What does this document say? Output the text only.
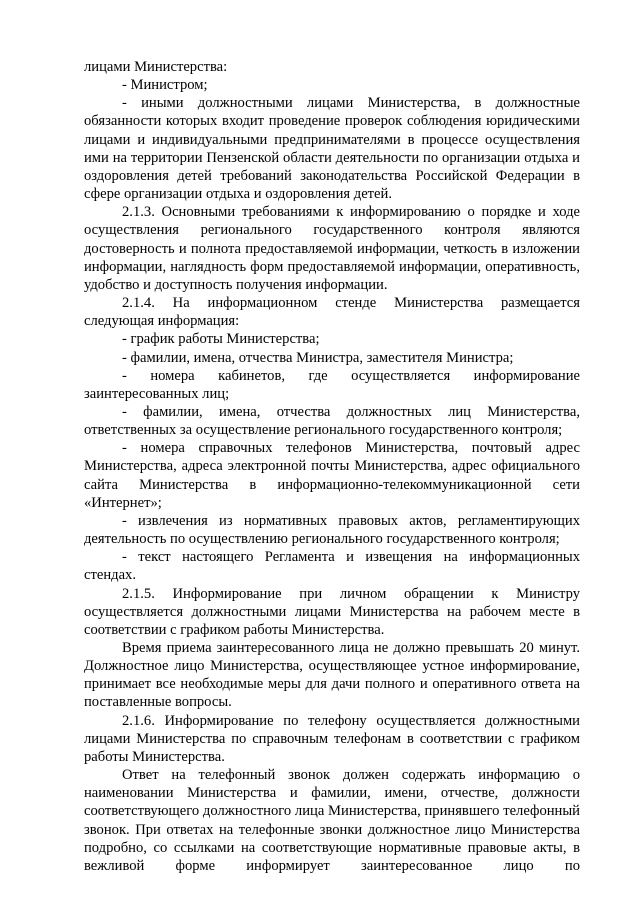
лицами Министерства:

- Министром;

- иными должностными лицами Министерства, в должностные обязанности которых входит проведение проверок соблюдения юридическими лицами и индивидуальными предпринимателями в процессе осуществления ими на территории Пензенской области деятельности по организации отдыха и оздоровления детей требований законодательства Российской Федерации в сфере организации отдыха и оздоровления детей.

2.1.3. Основными требованиями к информированию о порядке и ходе осуществления регионального государственного контроля являются достоверность и полнота предоставляемой информации, четкость в изложении информации, наглядность форм предоставляемой информации, оперативность, удобство и доступность получения информации.

2.1.4. На информационном стенде Министерства размещается следующая информация:

- график работы Министерства;

- фамилии, имена, отчества Министра, заместителя Министра;

- номера кабинетов, где осуществляется информирование заинтересованных лиц;

- фамилии, имена, отчества должностных лиц Министерства, ответственных за осуществление регионального государственного контроля;

- номера справочных телефонов Министерства, почтовый адрес Министерства, адреса электронной почты Министерства, адрес официального сайта Министерства в информационно-телекоммуникационной сети «Интернет»;

- извлечения из нормативных правовых актов, регламентирующих деятельность по осуществлению регионального государственного контроля;

- текст настоящего Регламента и извещения на информационных стендах.

2.1.5. Информирование при личном обращении к Министру осуществляется должностными лицами Министерства на рабочем месте в соответствии с графиком работы Министерства.

Время приема заинтересованного лица не должно превышать 20 минут. Должностное лицо Министерства, осуществляющее устное информирование, принимает все необходимые меры для дачи полного и оперативного ответа на поставленные вопросы.

2.1.6. Информирование по телефону осуществляется должностными лицами Министерства по справочным телефонам в соответствии с графиком работы Министерства.

Ответ на телефонный звонок должен содержать информацию о наименовании Министерства и фамилии, имени, отчестве, должности соответствующего должностного лица Министерства, принявшего телефонный звонок. При ответах на телефонные звонки должностное лицо Министерства подробно, со ссылками на соответствующие нормативные правовые акты, в вежливой форме информирует заинтересованное лицо по
